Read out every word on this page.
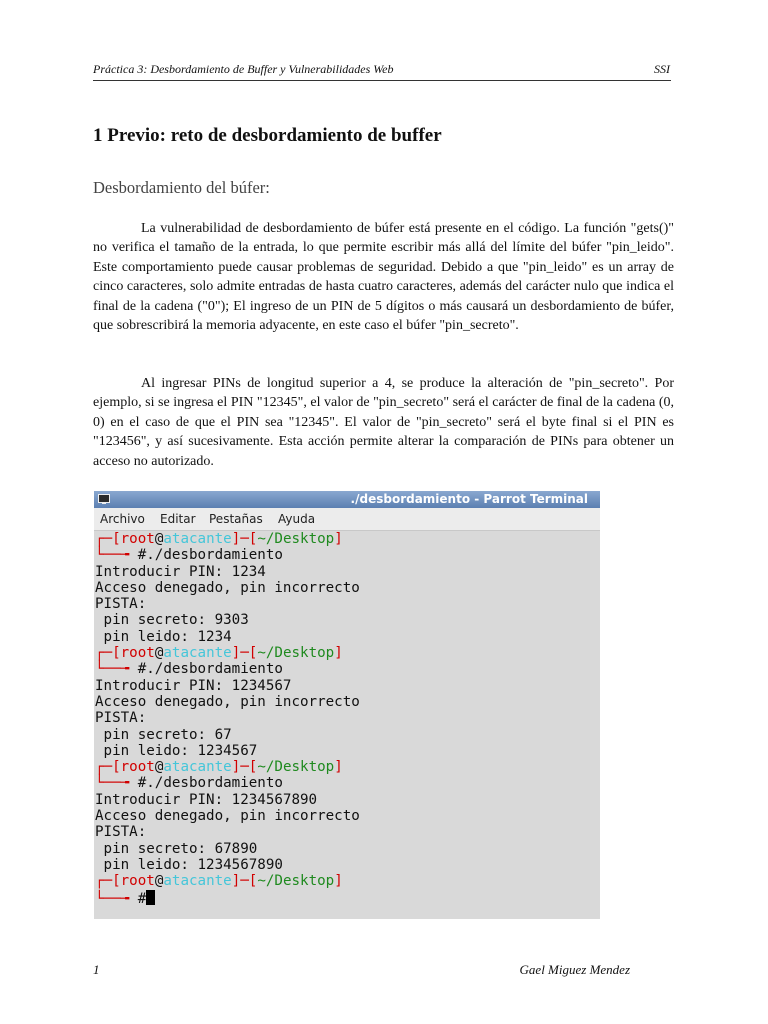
Práctica 3: Desbordamiento de Buffer y Vulnerabilidades Web	SSI
1 Previo: reto de desbordamiento de buffer
Desbordamiento del búfer:

La vulnerabilidad de desbordamiento de búfer está presente en el código. La función "gets()" no verifica el tamaño de la entrada, lo que permite escribir más allá del límite del búfer "pin_leido". Este comportamiento puede causar problemas de seguridad. Debido a que "pin_leido" es un array de cinco caracteres, solo admite entradas de hasta cuatro caracteres, además del carácter nulo que indica el final de la cadena ("0"); El ingreso de un PIN de 5 dígitos o más causará un desbordamiento de búfer, que sobrescribirá la memoria adyacente, en este caso el búfer "pin_secreto".

Al ingresar PINs de longitud superior a 4, se produce la alteración de "pin_secreto". Por ejemplo, si se ingresa el PIN "12345", el valor de "pin_secreto" será el carácter de final de la cadena (0, 0) en el caso de que el PIN sea "12345". El valor de "pin_secreto" será el byte final si el PIN es "123456", y así sucesivamente. Esta acción permite alterar la comparación de PINs para obtener un acceso no autorizado.

./desbordamiento - Parrot Terminal
Archivo Editar Pestañas Ayuda
┌─[root@atacante]─[~/Desktop]
└──╼ #./desbordamiento
Introducir PIN: 1234
Acceso denegado, pin incorrecto
PISTA:
pin secreto: 9303
pin leido: 1234
┌─[root@atacante]─[~/Desktop]
└──╼ #./desbordamiento
Introducir PIN: 1234567
Acceso denegado, pin incorrecto
PISTA:
pin secreto: 67
pin leido: 1234567
┌─[root@atacante]─[~/Desktop]
└──╼ #./desbordamiento
Introducir PIN: 1234567890
Acceso denegado, pin incorrecto
PISTA:
pin secreto: 67890
pin leido: 1234567890
┌─[root@atacante]─[~/Desktop]
└──╼ #
1	Gael Miguez Mendez
